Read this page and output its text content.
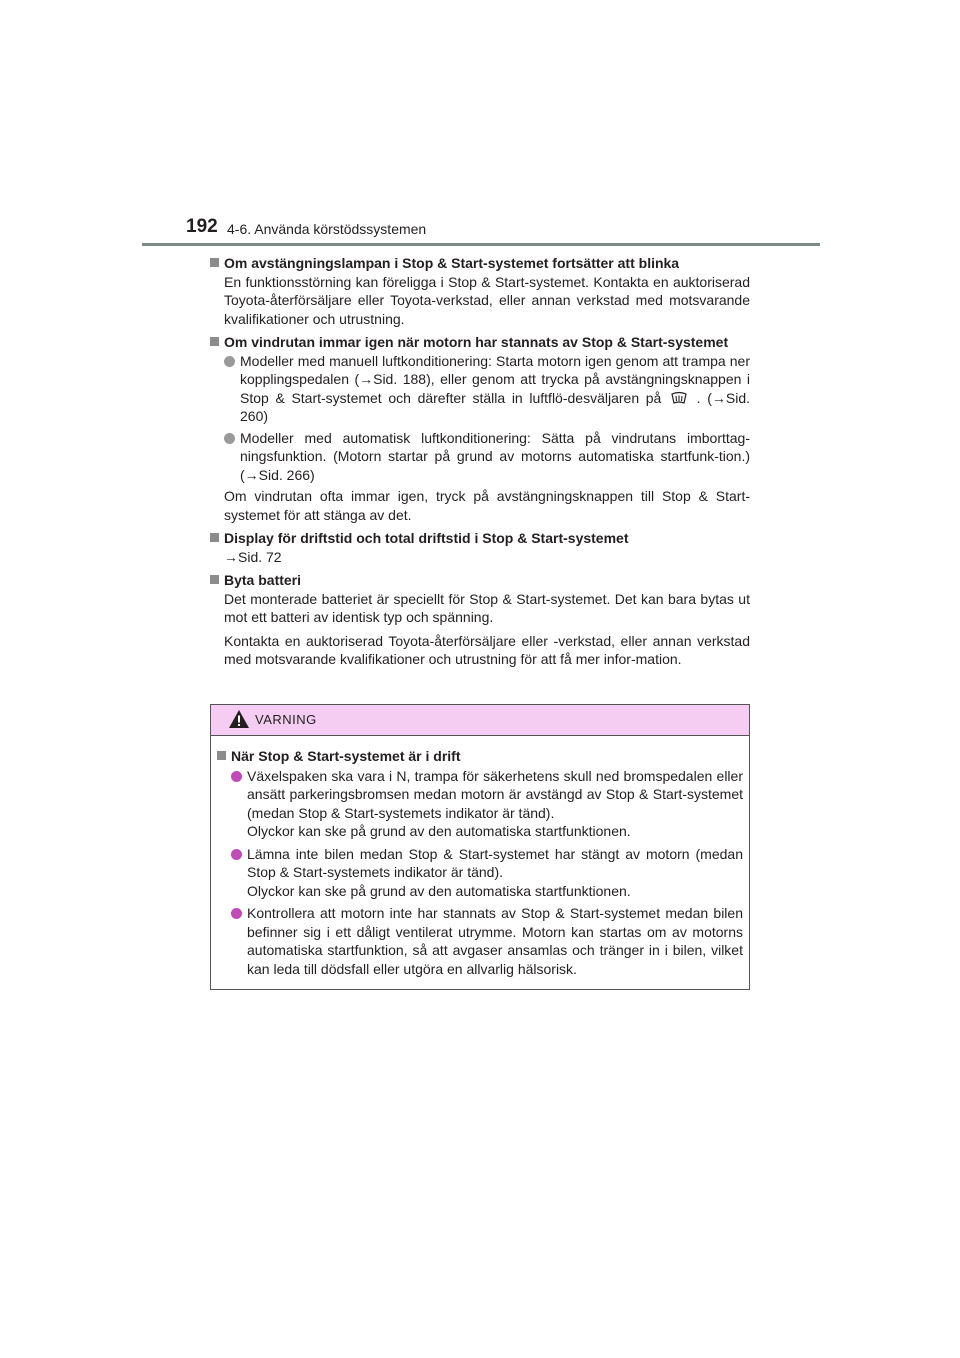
192 4-6. Använda körstödssystemen
Om avstängningslampan i Stop & Start-systemet fortsätter att blinka
En funktionsstörning kan föreligga i Stop & Start-systemet. Kontakta en auktoriserad Toyota-återförsäljare eller Toyota-verkstad, eller annan verkstad med motsvarande kvalifikationer och utrustning.
Om vindrutan immar igen när motorn har stannats av Stop & Start-systemet
Modeller med manuell luftkonditionering: Starta motorn igen genom att trampa ner kopplingspedalen (→Sid. 188), eller genom att trycka på avstängningsknappen i Stop & Start-systemet och därefter ställa in luftflö-desväljaren på	. (→Sid. 260)
Modeller med automatisk luftkonditionering: Sätta på vindrutans imborttag-ningsfunktion. (Motorn startar på grund av motorns automatiska startfunk-tion.) (→Sid. 266)
Om vindrutan ofta immar igen, tryck på avstängningsknappen till Stop & Start-systemet för att stänga av det.
Display för driftstid och total driftstid i Stop & Start-systemet
→Sid. 72
Byta batteri
Det monterade batteriet är speciellt för Stop & Start-systemet. Det kan bara bytas ut mot ett batteri av identisk typ och spänning.
Kontakta en auktoriserad Toyota-återförsäljare eller -verkstad, eller annan verkstad med motsvarande kvalifikationer och utrustning för att få mer infor-mation.
VARNING
När Stop & Start-systemet är i drift
Växelspaken ska vara i N, trampa för säkerhetens skull ned bromspedalen eller ansätt parkeringsbromsen medan motorn är avstängd av Stop & Start-systemet (medan Stop & Start-systemets indikator är tänd).
Olyckor kan ske på grund av den automatiska startfunktionen.
Lämna inte bilen medan Stop & Start-systemet har stängt av motorn (medan Stop & Start-systemets indikator är tänd).
Olyckor kan ske på grund av den automatiska startfunktionen.
Kontrollera att motorn inte har stannats av Stop & Start-systemet medan bilen befinner sig i ett dåligt ventilerat utrymme. Motorn kan startas om av motorns automatiska startfunktion, så att avgaser ansamlas och tränger in i bilen, vilket kan leda till dödsfall eller utgöra en allvarlig hälsorisk.
